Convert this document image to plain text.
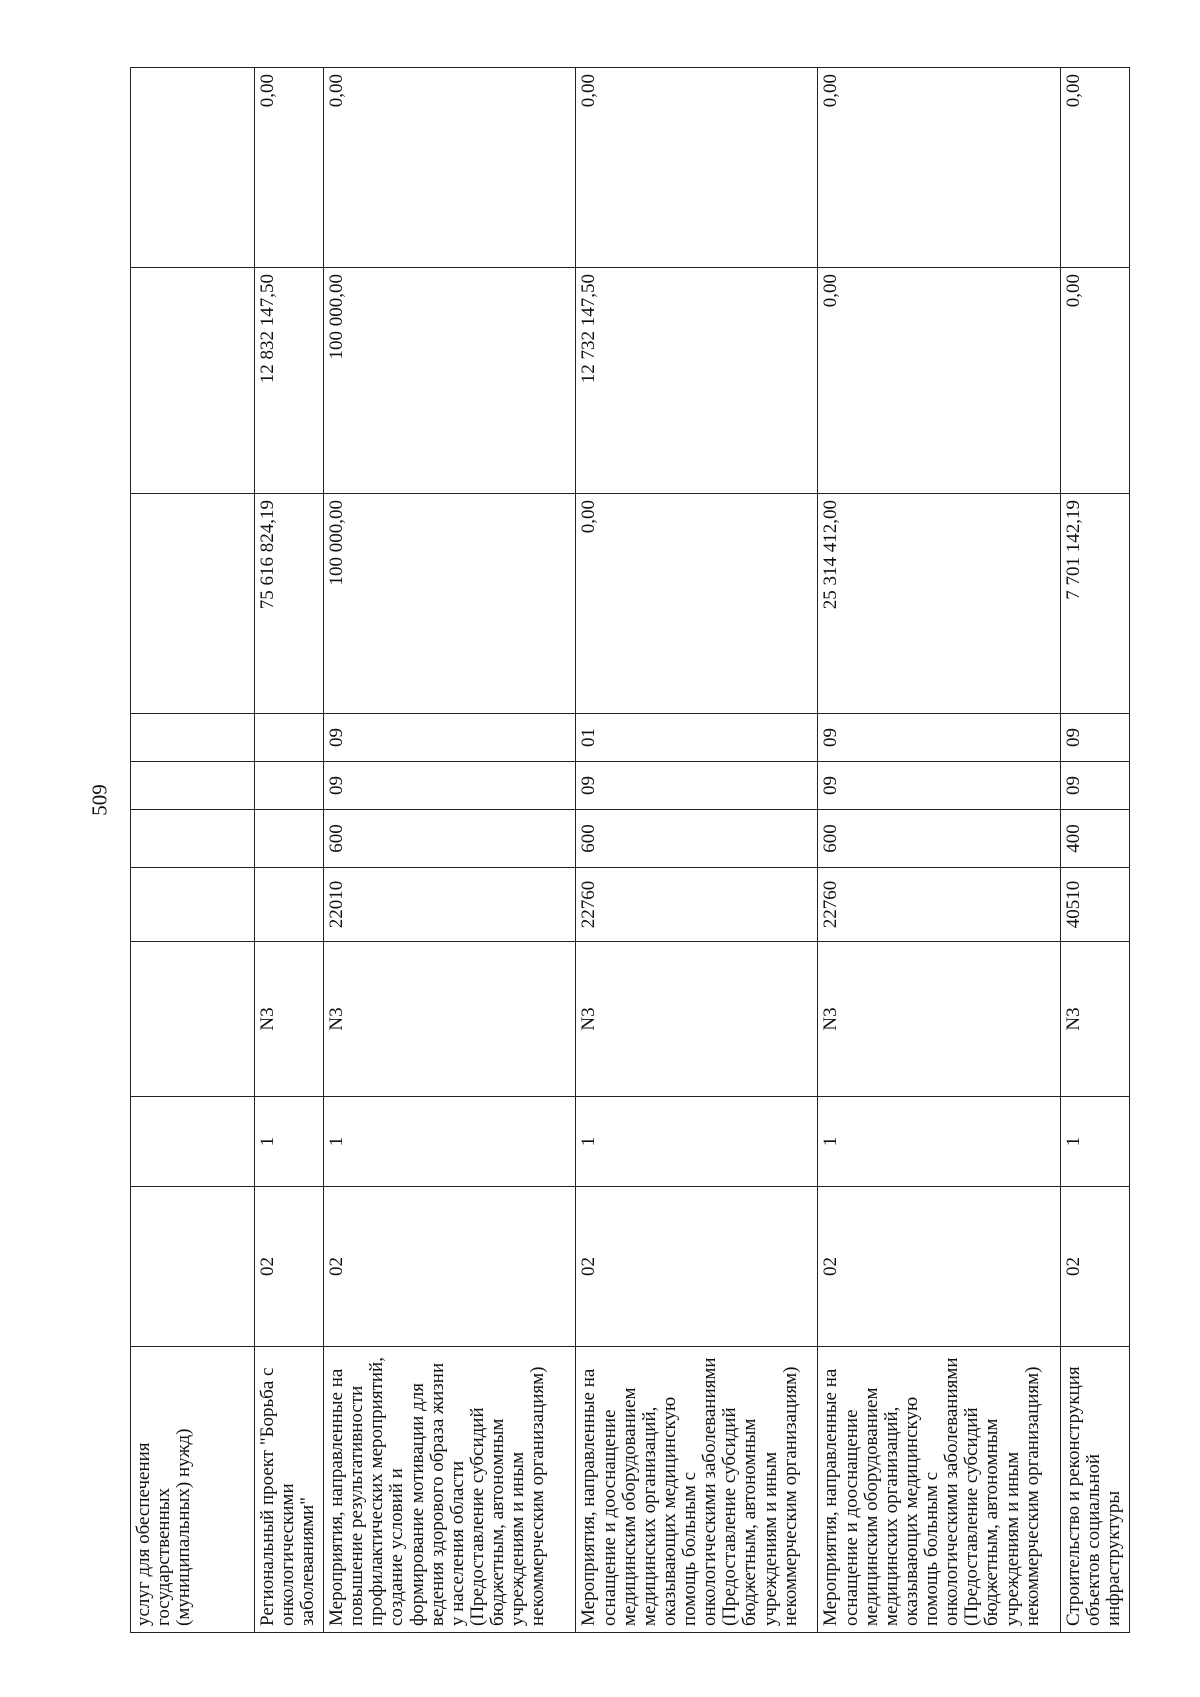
509
услуг для обеспечения государственных (муниципальных) нужд)										
Региональный проект "Борьба с онкологическими заболеваниями"	02	1	N3					75 616 824,19	12 832 147,50	0,00
Мероприятия, направленные на повышение результативности профилактических мероприятий, создание условий и формирование мотивации для ведения здорового образа жизни у населения области (Предоставление субсидий бюджетным, автономным учреждениям и иным некоммерческим организациям)	02	1	N3	22010	600	09	09	100 000,00	100 000,00	0,00
Мероприятия, направленные на оснащение и дооснащение медицинским оборудованием медицинских организаций, оказывающих медицинскую помощь больным с онкологическими заболеваниями (Предоставление субсидий бюджетным, автономным учреждениям и иным некоммерческим организациям)	02	1	N3	22760	600	09	01	0,00	12 732 147,50	0,00
Мероприятия, направленные на оснащение и дооснащение медицинским оборудованием медицинских организаций, оказывающих медицинскую помощь больным с онкологическими заболеваниями (Предоставление субсидий бюджетным, автономным учреждениям и иным некоммерческим организациям)	02	1	N3	22760	600	09	09	25 314 412,00	0,00	0,00
Строительство и реконструкция объектов социальной инфраструктуры	02	1	N3	40510	400	09	09	7 701 142,19	0,00	0,00
